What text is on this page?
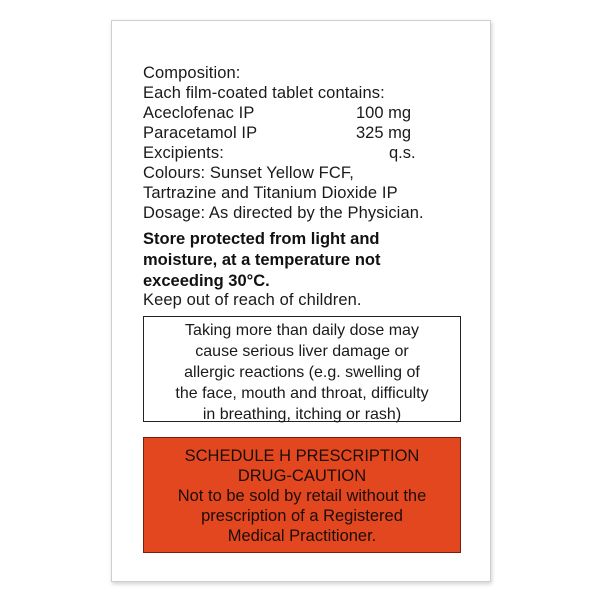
Composition:
Each film-coated tablet contains:
Aceclofenac IP	100 mg
Paracetamol IP	325 mg
Excipients:	q.s.
Colours: Sunset Yellow FCF,
Tartrazine and Titanium Dioxide IP
Dosage: As directed by the Physician.
Store protected from light and
moisture, at a temperature not
exceeding 30°C.
Keep out of reach of children.
Taking more than daily dose may
cause serious liver damage or
allergic reactions (e.g. swelling of
the face, mouth and throat, difficulty
in breathing, itching or rash)
SCHEDULE H PRESCRIPTION
DRUG-CAUTION
Not to be sold by retail without the
prescription of a Registered
Medical Practitioner.
